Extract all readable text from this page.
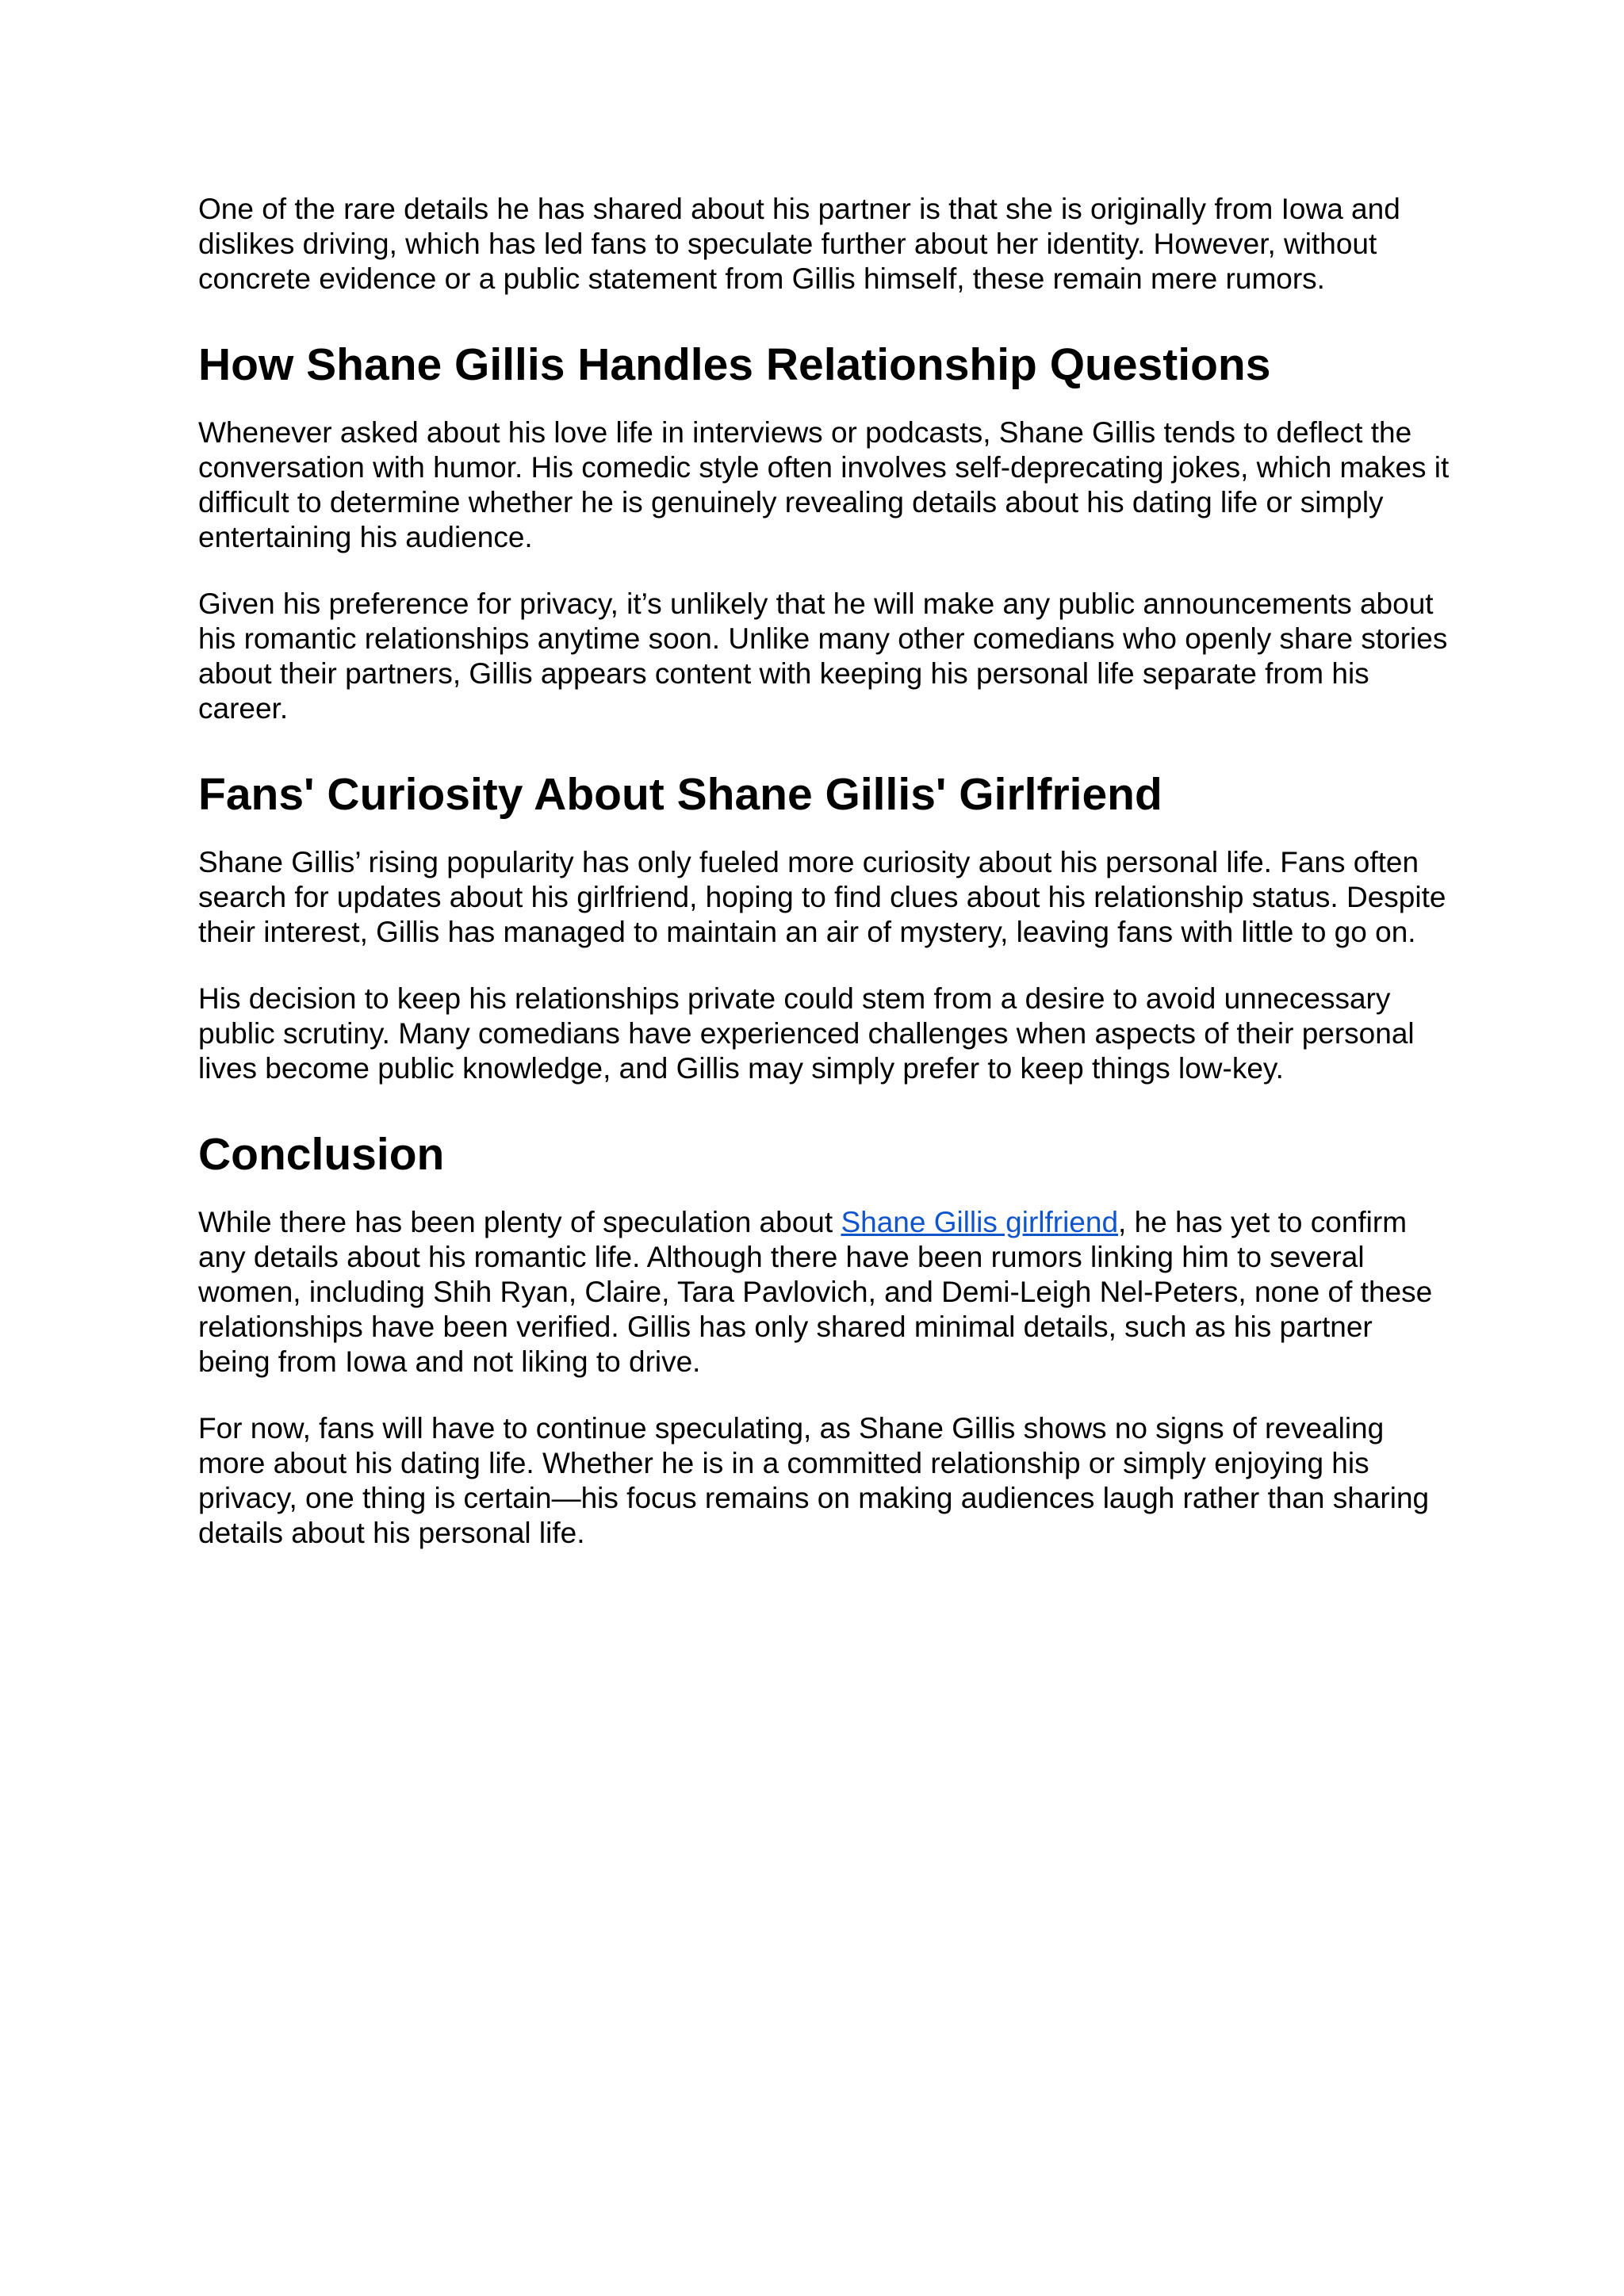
One of the rare details he has shared about his partner is that she is originally from Iowa and dislikes driving, which has led fans to speculate further about her identity. However, without concrete evidence or a public statement from Gillis himself, these remain mere rumors.

How Shane Gillis Handles Relationship Questions

Whenever asked about his love life in interviews or podcasts, Shane Gillis tends to deflect the conversation with humor. His comedic style often involves self-deprecating jokes, which makes it difficult to determine whether he is genuinely revealing details about his dating life or simply entertaining his audience.

Given his preference for privacy, it’s unlikely that he will make any public announcements about his romantic relationships anytime soon. Unlike many other comedians who openly share stories about their partners, Gillis appears content with keeping his personal life separate from his career.

Fans' Curiosity About Shane Gillis' Girlfriend

Shane Gillis’ rising popularity has only fueled more curiosity about his personal life. Fans often search for updates about his girlfriend, hoping to find clues about his relationship status. Despite their interest, Gillis has managed to maintain an air of mystery, leaving fans with little to go on.

His decision to keep his relationships private could stem from a desire to avoid unnecessary public scrutiny. Many comedians have experienced challenges when aspects of their personal lives become public knowledge, and Gillis may simply prefer to keep things low-key.

Conclusion

While there has been plenty of speculation about Shane Gillis girlfriend, he has yet to confirm any details about his romantic life. Although there have been rumors linking him to several women, including Shih Ryan, Claire, Tara Pavlovich, and Demi-Leigh Nel-Peters, none of these relationships have been verified. Gillis has only shared minimal details, such as his partner being from Iowa and not liking to drive.

For now, fans will have to continue speculating, as Shane Gillis shows no signs of revealing more about his dating life. Whether he is in a committed relationship or simply enjoying his privacy, one thing is certain—his focus remains on making audiences laugh rather than sharing details about his personal life.
